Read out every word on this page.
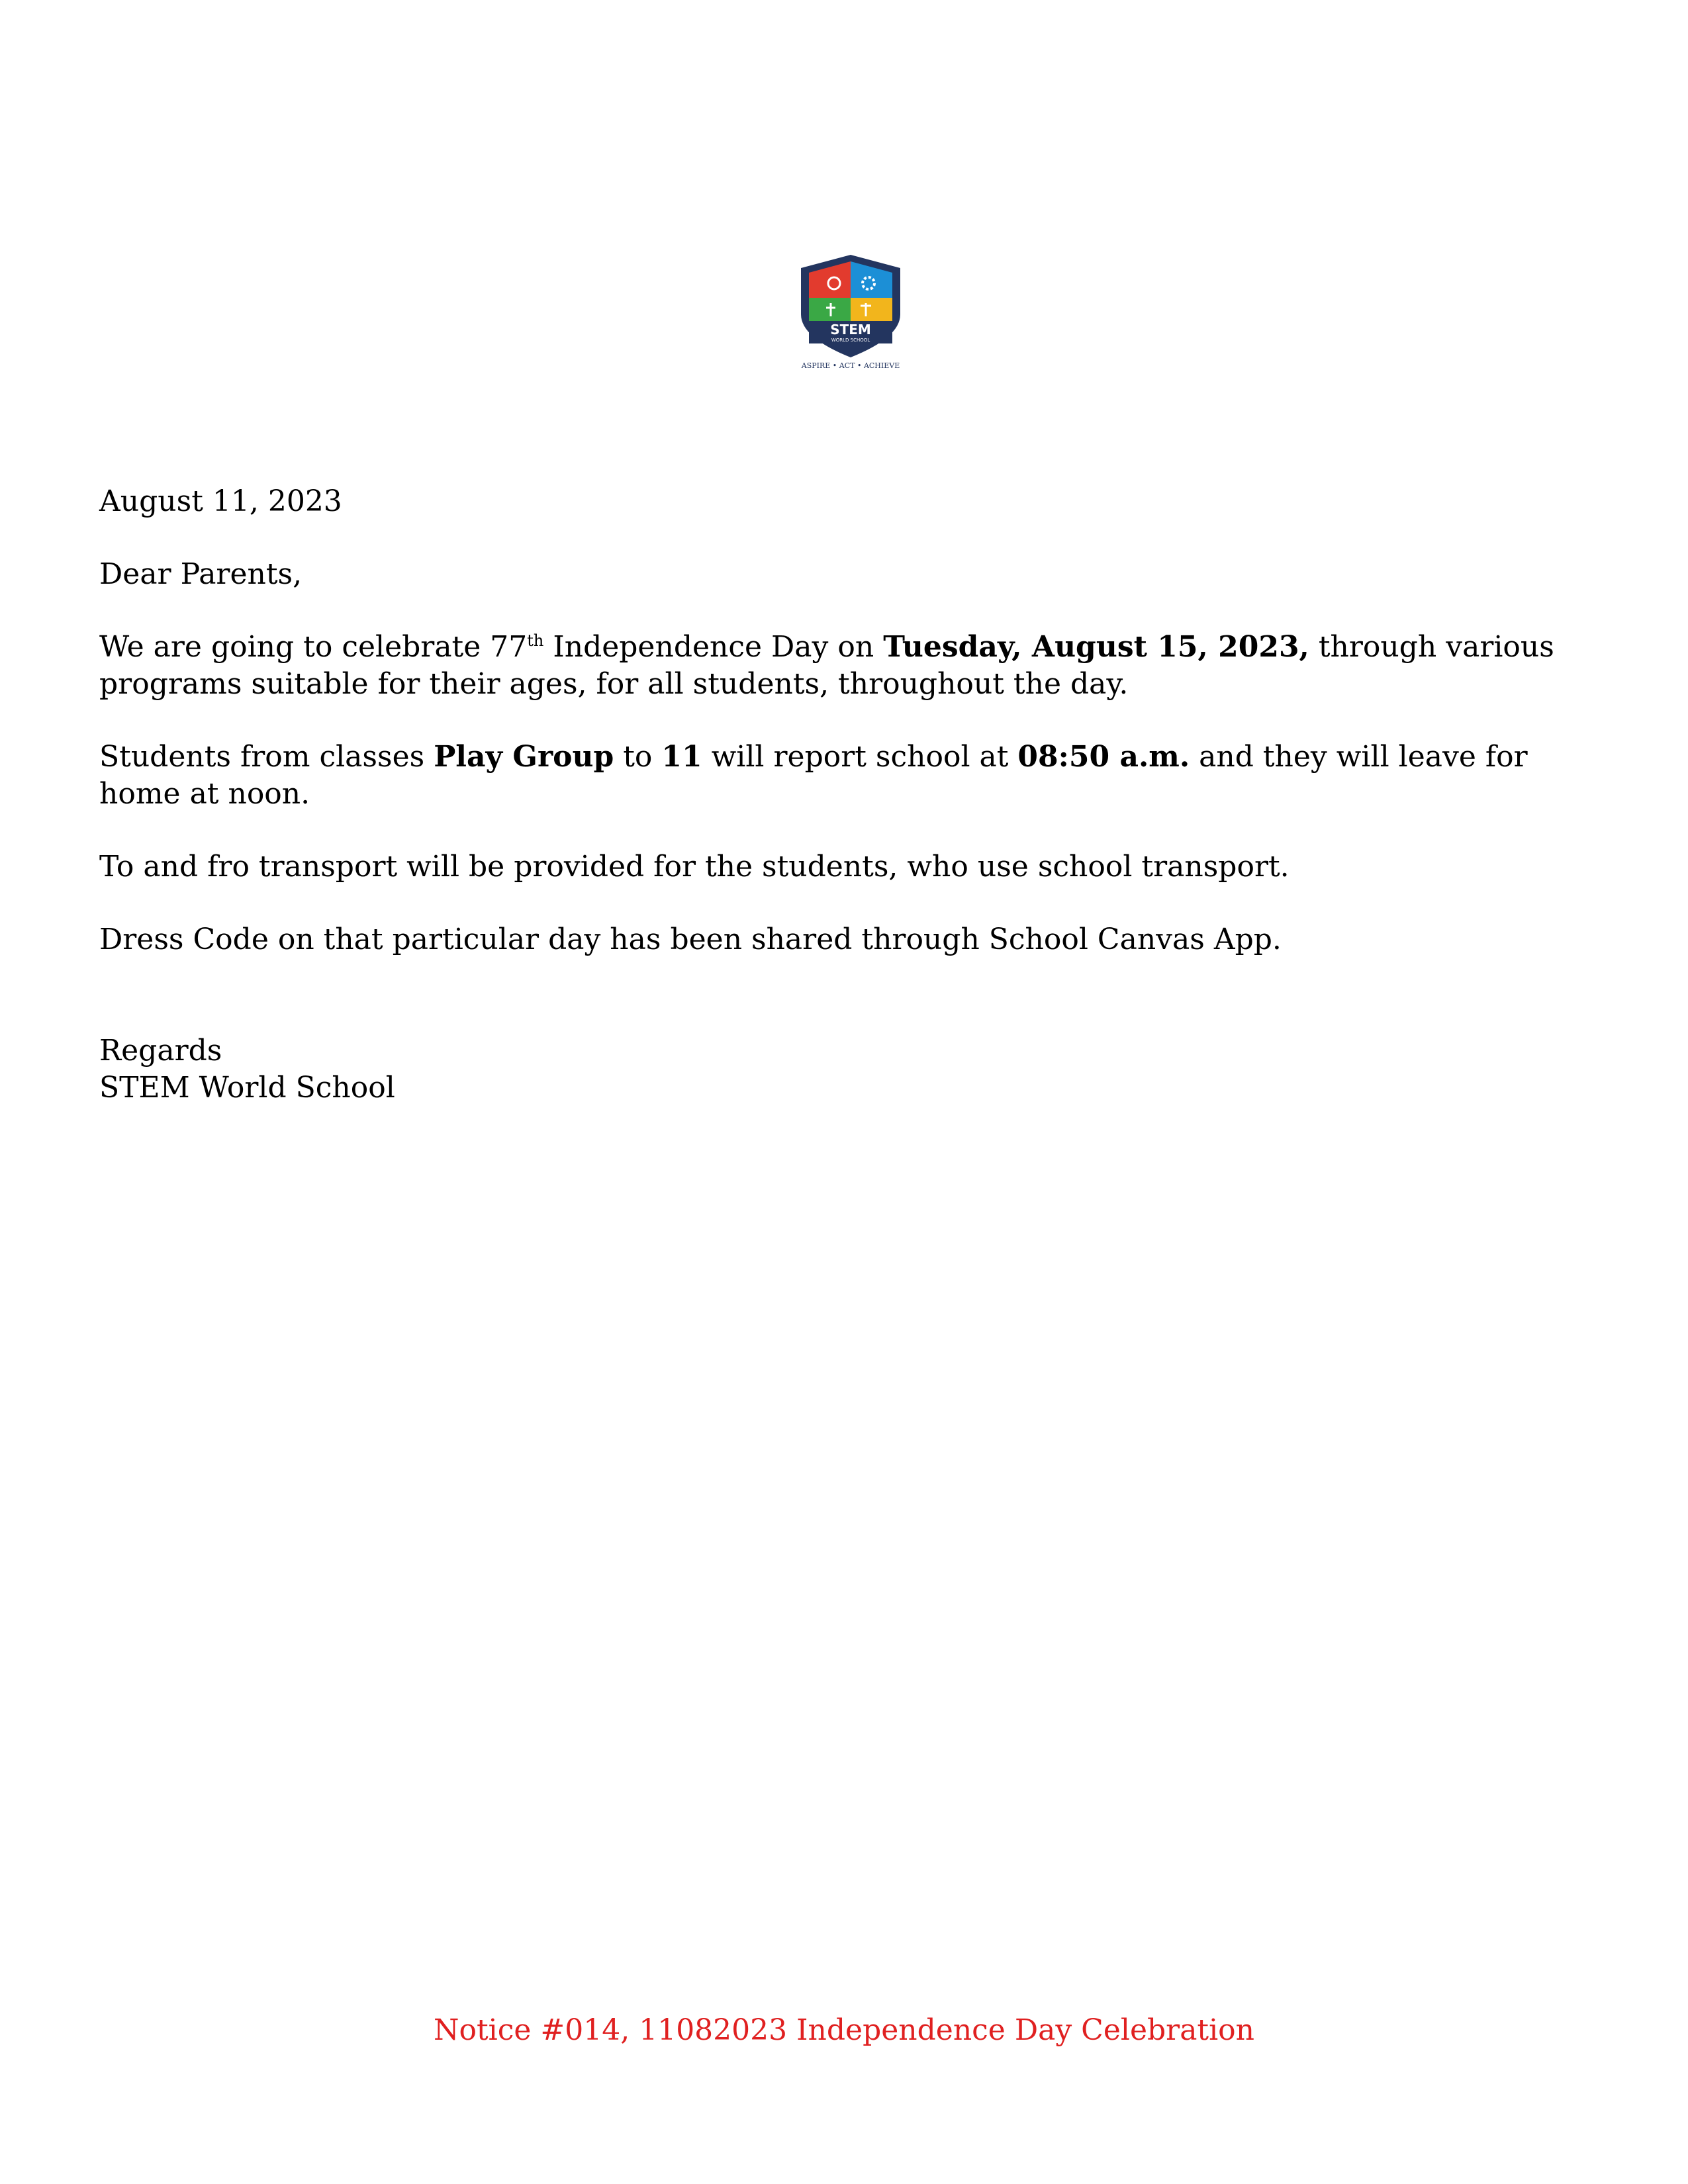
STEM
WORLD SCHOOL
ASPIRE • ACT • ACHIEVE

August 11, 2023

Dear Parents,

We are going to celebrate 77th Independence Day on Tuesday, August 15, 2023, through various programs suitable for their ages, for all students, throughout the day.

Students from classes Play Group to 11 will report school at 08:50 a.m. and they will leave for home at noon.

To and fro transport will be provided for the students, who use school transport.

Dress Code on that particular day has been shared through School Canvas App.

Regards
STEM World School
Notice #014, 11082023 Independence Day Celebration
